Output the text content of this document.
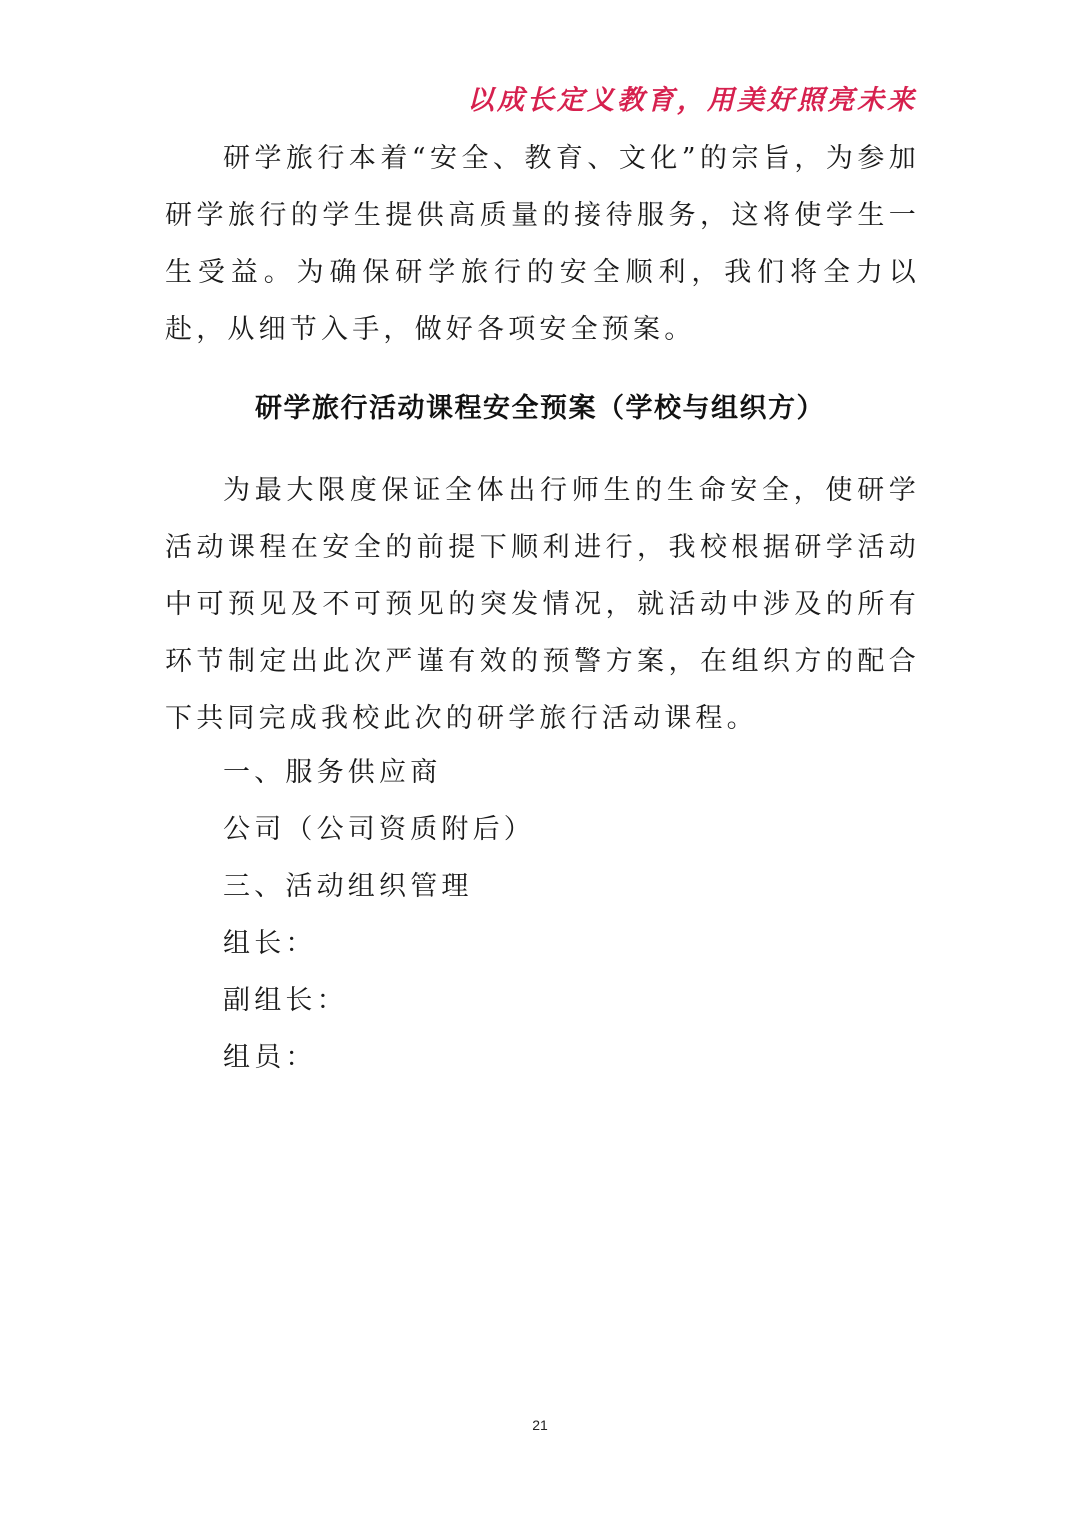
以成长定义教育，用美好照亮未来

研学旅行本着“安全、教育、文化”的宗旨，为参加研学旅行的学生提供高质量的接待服务，这将使学生一生受益。为确保研学旅行的安全顺利，我们将全力以赴，从细节入手，做好各项安全预案。

研学旅行活动课程安全预案（学校与组织方）

为最大限度保证全体出行师生的生命安全，使研学活动课程在安全的前提下顺利进行，我校根据研学活动中可预见及不可预见的突发情况，就活动中涉及的所有环节制定出此次严谨有效的预警方案，在组织方的配合下共同完成我校此次的研学旅行活动课程。

一、服务供应商

公司（公司资质附后）

三、活动组织管理

组长：

副组长：

组员：

21
